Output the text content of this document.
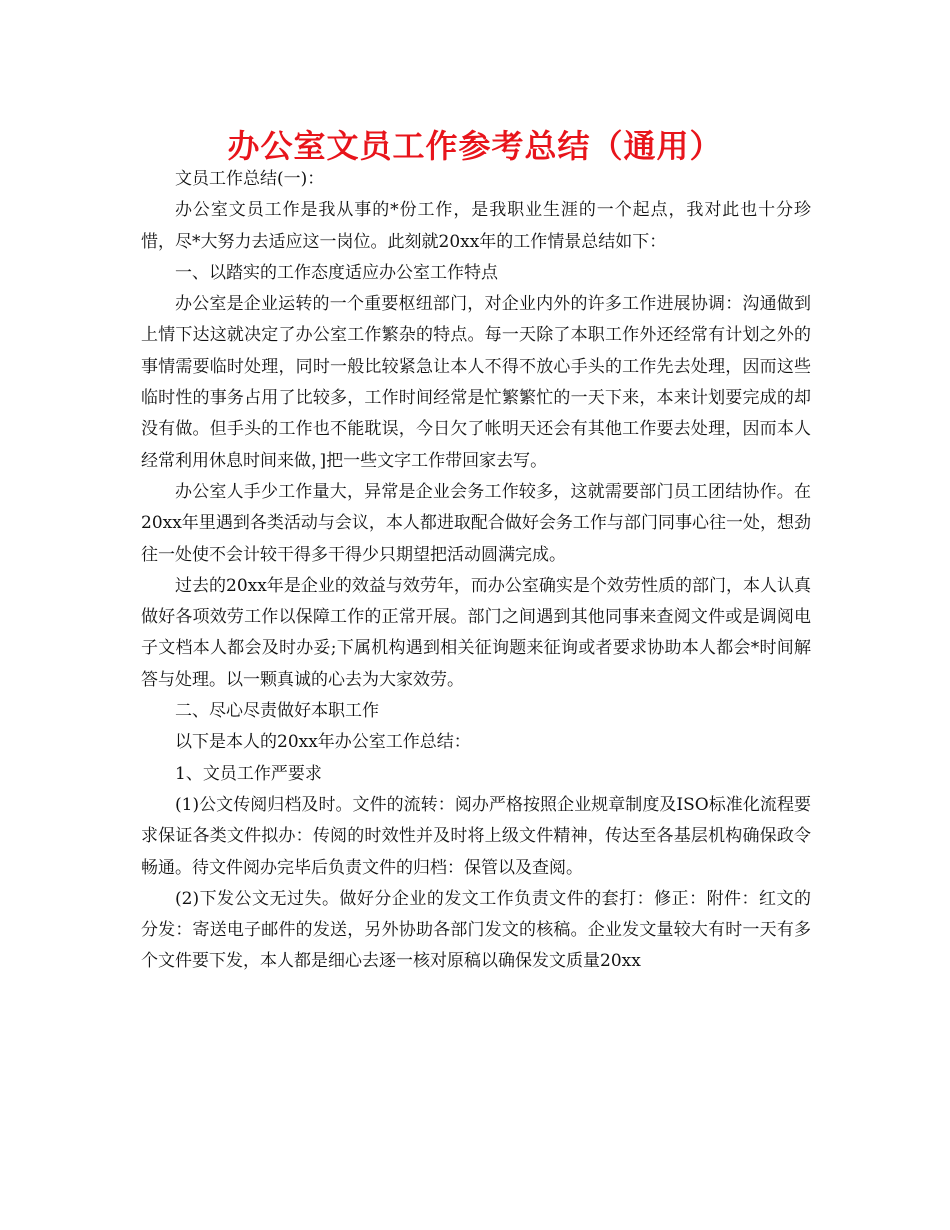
办公室文员工作参考总结（通用）

文员工作总结(一)：

办公室文员工作是我从事的*份工作，是我职业生涯的一个起点，我对此也十分珍惜，尽*大努力去适应这一岗位。此刻就20xx年的工作情景总结如下：

一、以踏实的工作态度适应办公室工作特点

办公室是企业运转的一个重要枢纽部门，对企业内外的许多工作进展协调：沟通做到上情下达这就决定了办公室工作繁杂的特点。每一天除了本职工作外还经常有计划之外的事情需要临时处理，同时一般比较紧急让本人不得不放心手头的工作先去处理，因而这些临时性的事务占用了比较多，工作时间经常是忙繁繁忙的一天下来，本来计划要完成的却没有做。但手头的工作也不能耽误，今日欠了帐明天还会有其他工作要去处理，因而本人经常利用休息时间来做，]把一些文字工作带回家去写。

办公室人手少工作量大，异常是企业会务工作较多，这就需要部门员工团结协作。在20xx年里遇到各类活动与会议，本人都进取配合做好会务工作与部门同事心往一处，想劲往一处使不会计较干得多干得少只期望把活动圆满完成。

过去的20xx年是企业的效益与效劳年，而办公室确实是个效劳性质的部门，本人认真做好各项效劳工作以保障工作的正常开展。部门之间遇到其他同事来查阅文件或是调阅电子文档本人都会及时办妥;下属机构遇到相关征询题来征询或者要求协助本人都会*时间解答与处理。以一颗真诚的心去为大家效劳。

二、尽心尽责做好本职工作

以下是本人的20xx年办公室工作总结：

1、文员工作严要求

(1)公文传阅归档及时。文件的流转：阅办严格按照企业规章制度及ISO标准化流程要求保证各类文件拟办：传阅的时效性并及时将上级文件精神，传达至各基层机构确保政令畅通。待文件阅办完毕后负责文件的归档：保管以及查阅。

(2)下发公文无过失。做好分企业的发文工作负责文件的套打：修正：附件：红文的分发：寄送电子邮件的发送，另外协助各部门发文的核稿。企业发文量较大有时一天有多个文件要下发，本人都是细心去逐一核对原稿以确保发文质量20xx
